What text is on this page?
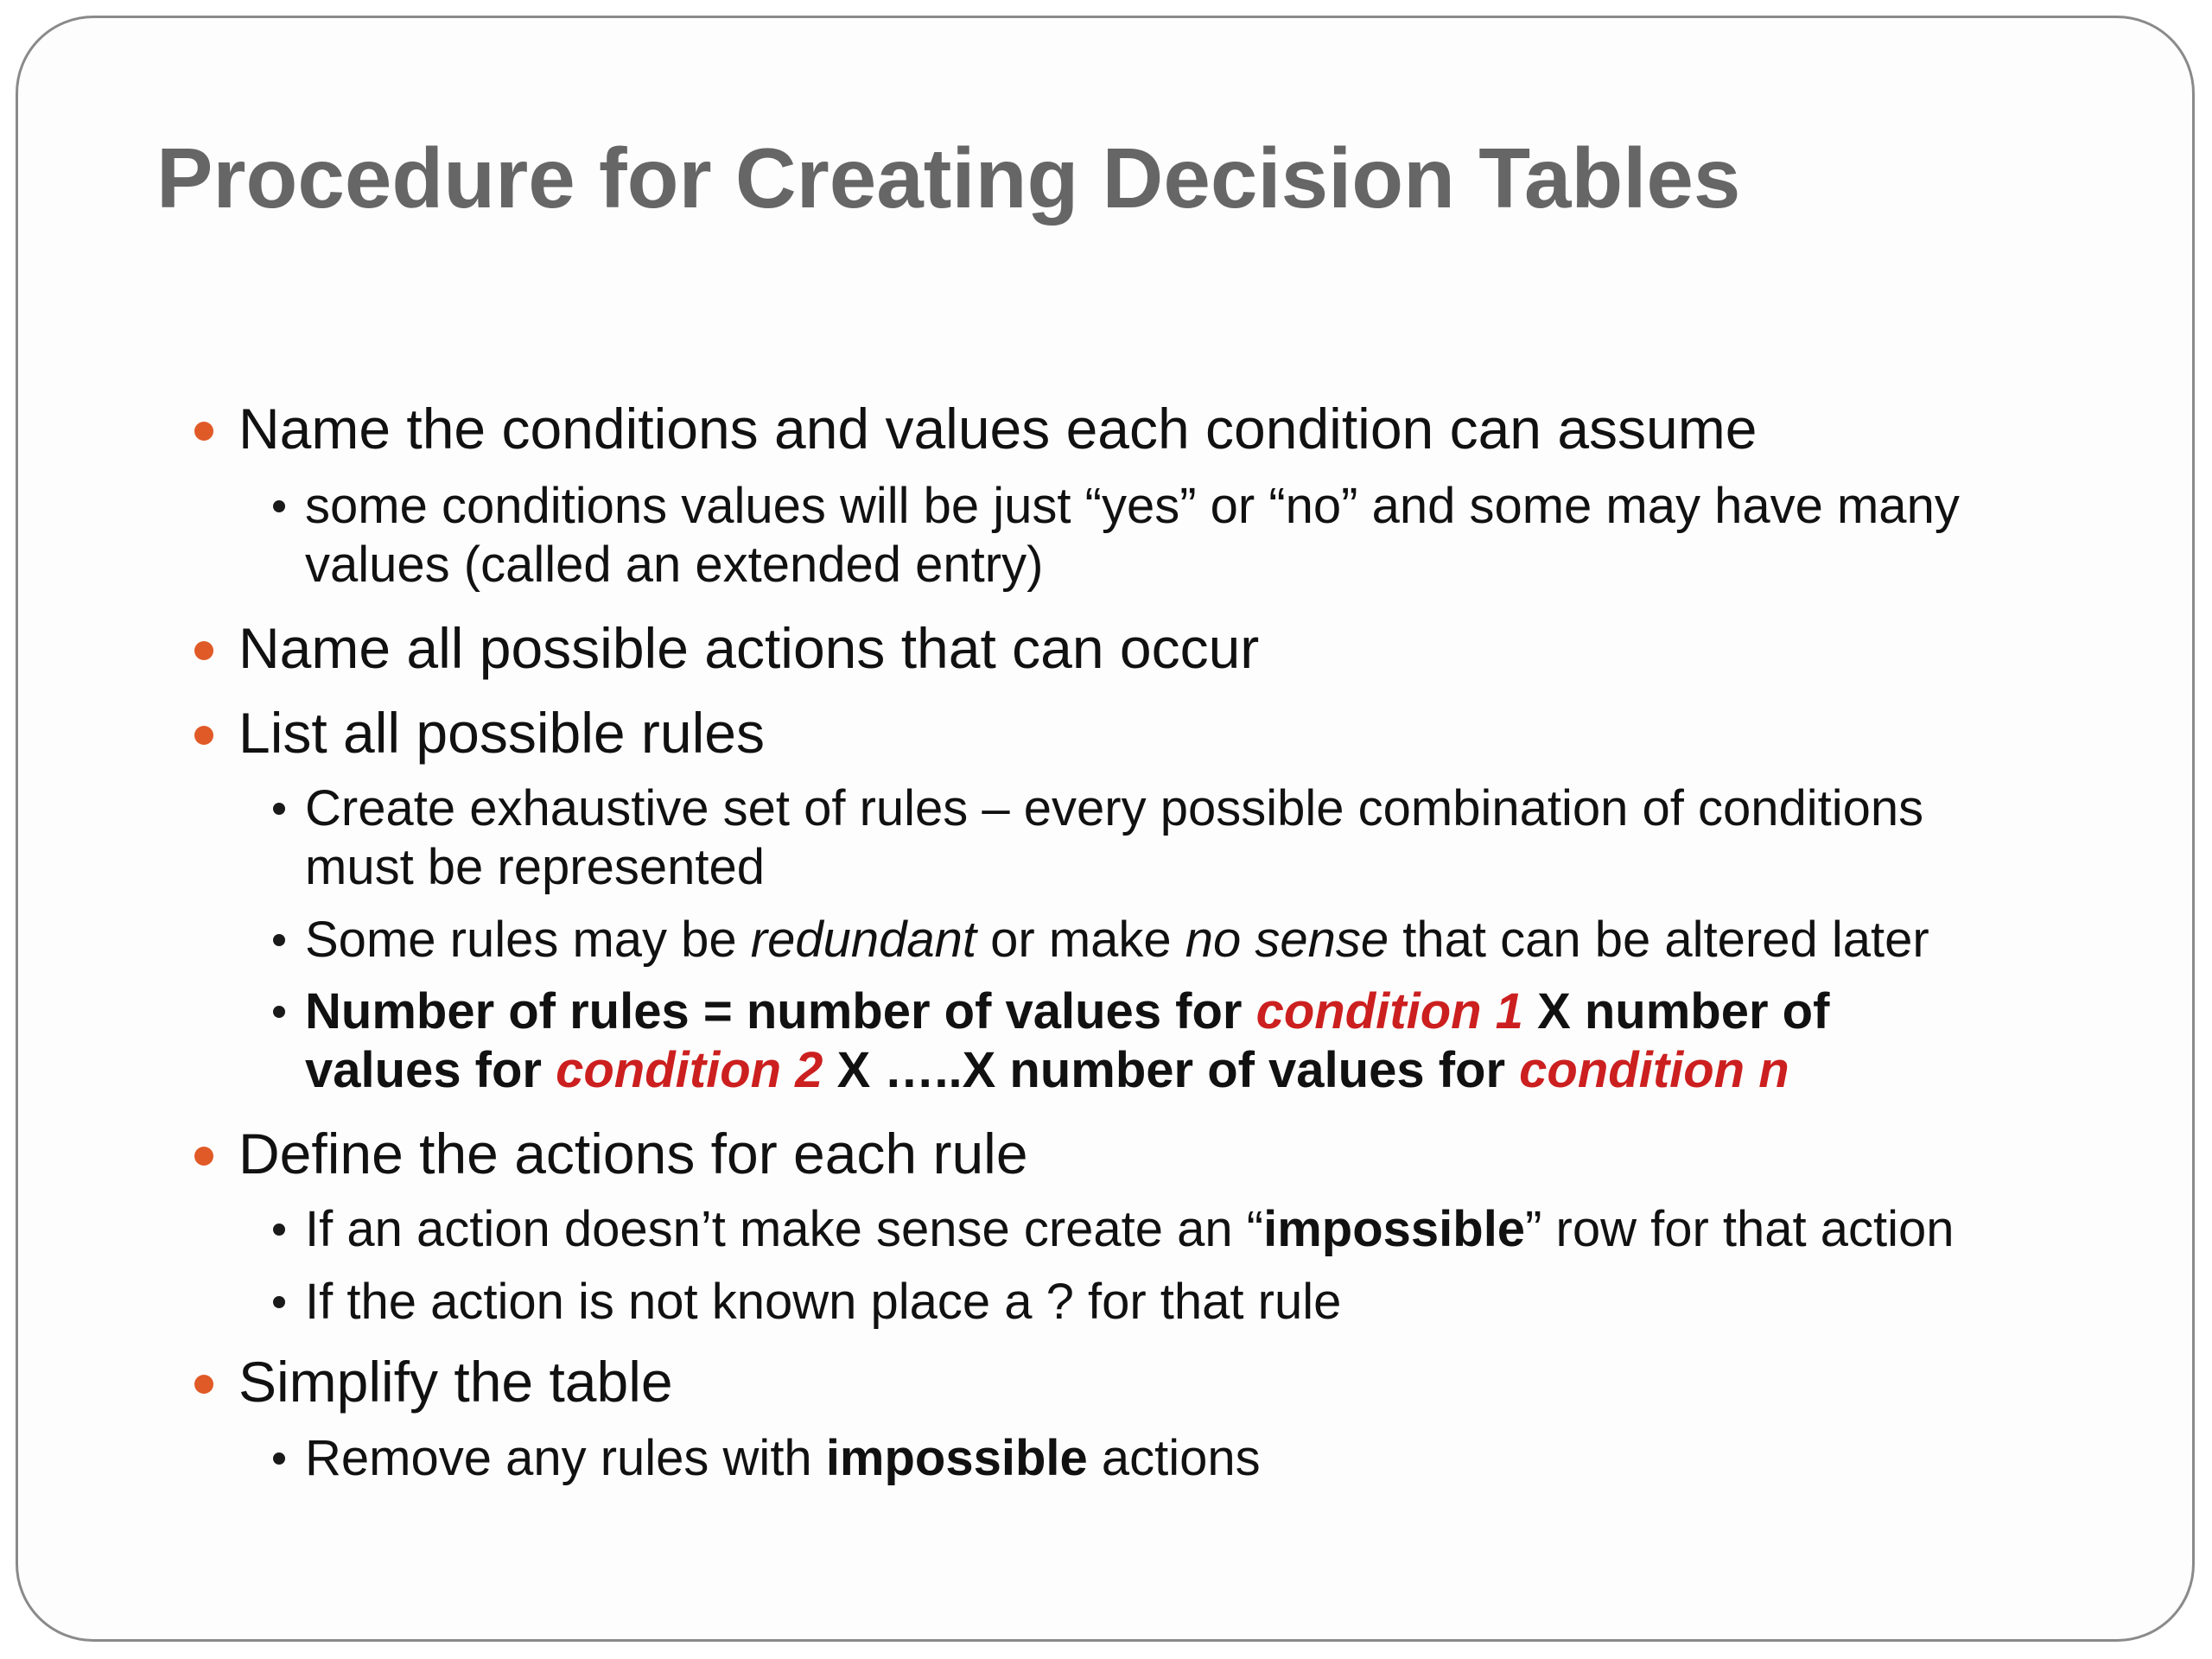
Procedure for Creating Decision Tables
Name the conditions and values each condition can assume
some conditions values will be just “yes” or “no” and some may have many
values (called an extended entry)
Name all possible actions that can occur
List all possible rules
Create exhaustive set of rules – every possible combination of conditions
must be represented
Some rules may be redundant or make no sense that can be altered later
Number of rules = number of values for condition 1 X number of
values for condition 2 X …..X number of values for condition n
Define the actions for each rule
If an action doesn’t make sense create an “impossible” row for that action
If the action is not known place a ? for that rule
Simplify the table
Remove any rules with impossible actions
